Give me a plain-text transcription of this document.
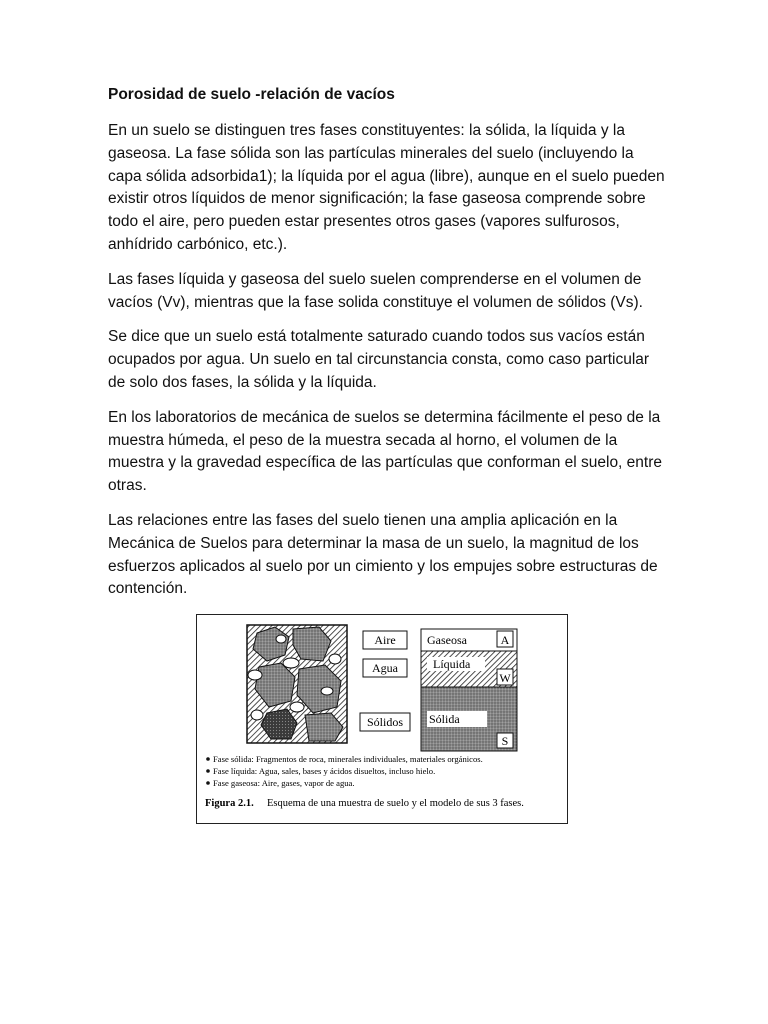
Porosidad de suelo -relación de vacíos

En un suelo se distinguen tres fases constituyentes: la sólida, la líquida y la gaseosa. La fase sólida son las partículas minerales del suelo (incluyendo la capa sólida adsorbida1); la líquida por el agua (libre), aunque en el suelo pueden existir otros líquidos de menor significación; la fase gaseosa comprende sobre todo el aire, pero pueden estar presentes otros gases (vapores sulfurosos, anhídrido carbónico, etc.).

Las fases líquida y gaseosa del suelo suelen comprenderse en el volumen de vacíos (Vv), mientras que la fase solida constituye el volumen de sólidos (Vs).

Se dice que un suelo está totalmente saturado cuando todos sus vacíos están ocupados por agua. Un suelo en tal circunstancia consta, como caso particular de solo dos fases, la sólida y la líquida.

En los laboratorios de mecánica de suelos se determina fácilmente el peso de la muestra húmeda, el peso de la muestra secada al horno, el volumen de la muestra y la gravedad específica de las partículas que conforman el suelo, entre otras.

Las relaciones entre las fases del suelo tienen una amplia aplicación en la Mecánica de Suelos para determinar la masa de un suelo, la magnitud de los esfuerzos aplicados al suelo por un cimiento y los empujes sobre estructuras de contención.

Aire
Agua
Sólidos
Gaseosa	A
Líquida
W
Sólida
S
Fase sólida: Fragmentos de roca, minerales individuales, materiales orgánicos.
Fase líquida: Agua, sales, bases y ácidos disueltos, incluso hielo.
Fase gaseosa: Aire, gases, vapor de agua.
Figura 2.1. Esquema de una muestra de suelo y el modelo de sus 3 fases.
